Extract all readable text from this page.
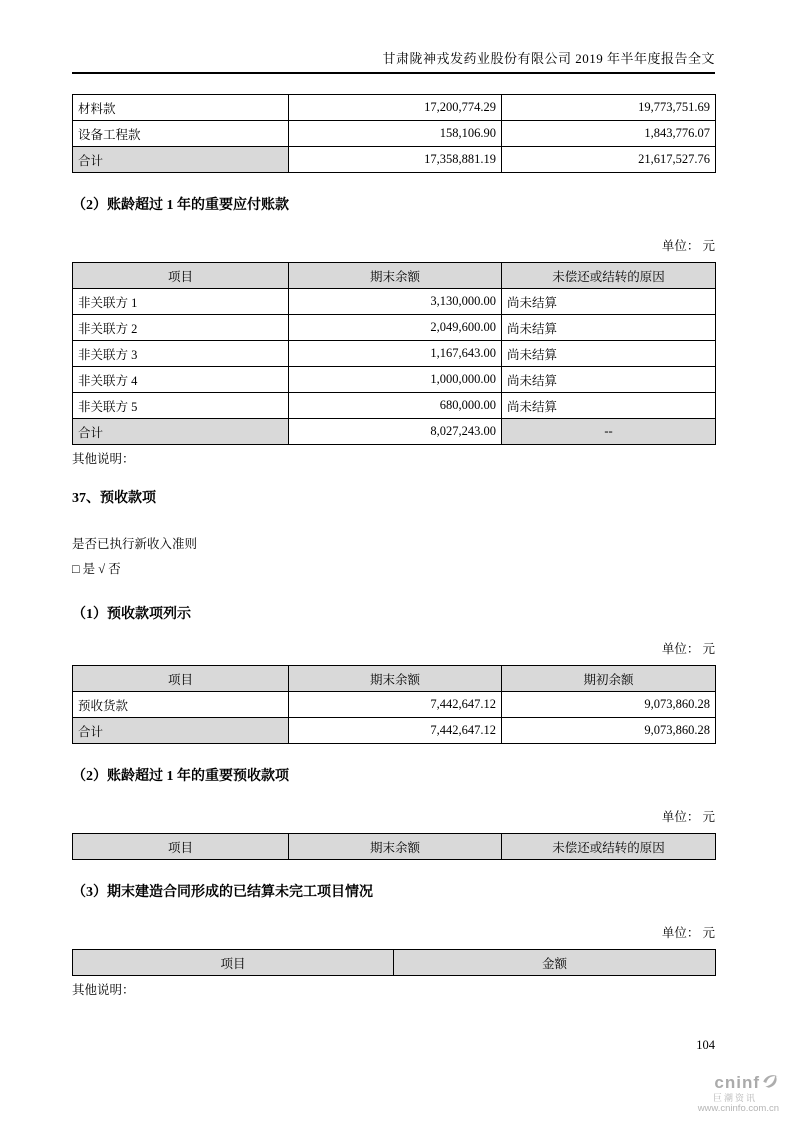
甘肃陇神戎发药业股份有限公司 2019 年半年度报告全文
材料款	17,200,774.29	19,773,751.69
设备工程款	158,106.90	1,843,776.07
合计	17,358,881.19	21,617,527.76
（2）账龄超过 1 年的重要应付账款
单位： 元
项目	期末余额	未偿还或结转的原因
非关联方 1	3,130,000.00	尚未结算
非关联方 2	2,049,600.00	尚未结算
非关联方 3	1,167,643.00	尚未结算
非关联方 4	1,000,000.00	尚未结算
非关联方 5	680,000.00	尚未结算
合计	8,027,243.00	--
其他说明：
37、预收款项
是否已执行新收入准则
□ 是 √ 否
（1）预收款项列示
单位： 元
项目	期末余额	期初余额
预收货款	7,442,647.12	9,073,860.28
合计	7,442,647.12	9,073,860.28
（2）账龄超过 1 年的重要预收款项
单位： 元
项目	期末余额	未偿还或结转的原因
（3）期末建造合同形成的已结算未完工项目情况
单位： 元
项目	金额
其他说明：
104
cninf
巨潮资讯
www.cninfo.com.cn
